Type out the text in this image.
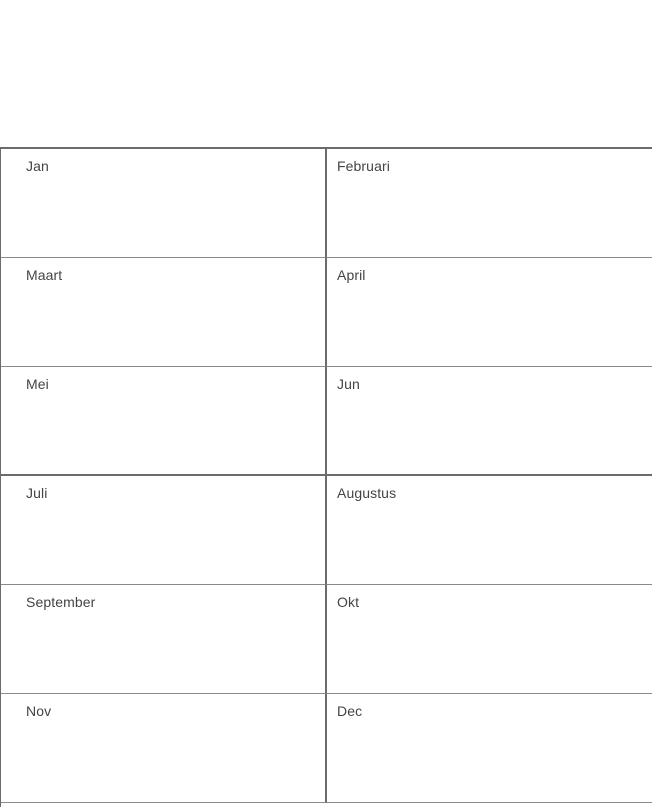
Jan	Februari
Maart	April
Mei	Jun
Juli	Augustus
September	Okt
Nov	Dec
